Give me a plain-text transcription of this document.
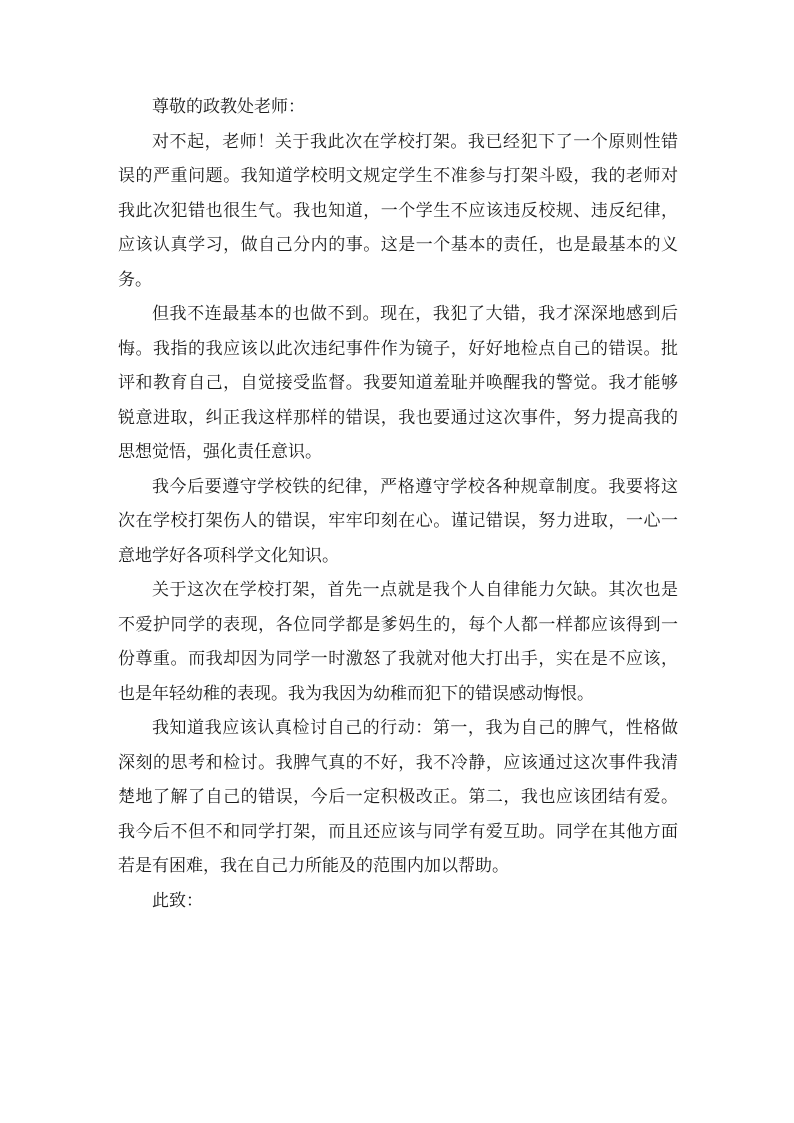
尊敬的政教处老师：

对不起，老师！关于我此次在学校打架。我已经犯下了一个原则性错误的严重问题。我知道学校明文规定学生不准参与打架斗殴，我的老师对我此次犯错也很生气。我也知道，一个学生不应该违反校规、违反纪律，应该认真学习，做自己分内的事。这是一个基本的责任，也是最基本的义务。

但我不连最基本的也做不到。现在，我犯了大错，我才深深地感到后悔。我指的我应该以此次违纪事件作为镜子，好好地检点自己的错误。批评和教育自己，自觉接受监督。我要知道羞耻并唤醒我的警觉。我才能够锐意进取，纠正我这样那样的错误，我也要通过这次事件，努力提高我的思想觉悟，强化责任意识。

我今后要遵守学校铁的纪律，严格遵守学校各种规章制度。我要将这次在学校打架伤人的错误，牢牢印刻在心。谨记错误，努力进取，一心一意地学好各项科学文化知识。

关于这次在学校打架，首先一点就是我个人自律能力欠缺。其次也是不爱护同学的表现，各位同学都是爹妈生的，每个人都一样都应该得到一份尊重。而我却因为同学一时激怒了我就对他大打出手，实在是不应该，也是年轻幼稚的表现。我为我因为幼稚而犯下的错误感动悔恨。

我知道我应该认真检讨自己的行动：第一，我为自己的脾气，性格做深刻的思考和检讨。我脾气真的不好，我不冷静，应该通过这次事件我清楚地了解了自己的错误，今后一定积极改正。第二，我也应该团结有爱。我今后不但不和同学打架，而且还应该与同学有爱互助。同学在其他方面若是有困难，我在自己力所能及的范围内加以帮助。

此致：
